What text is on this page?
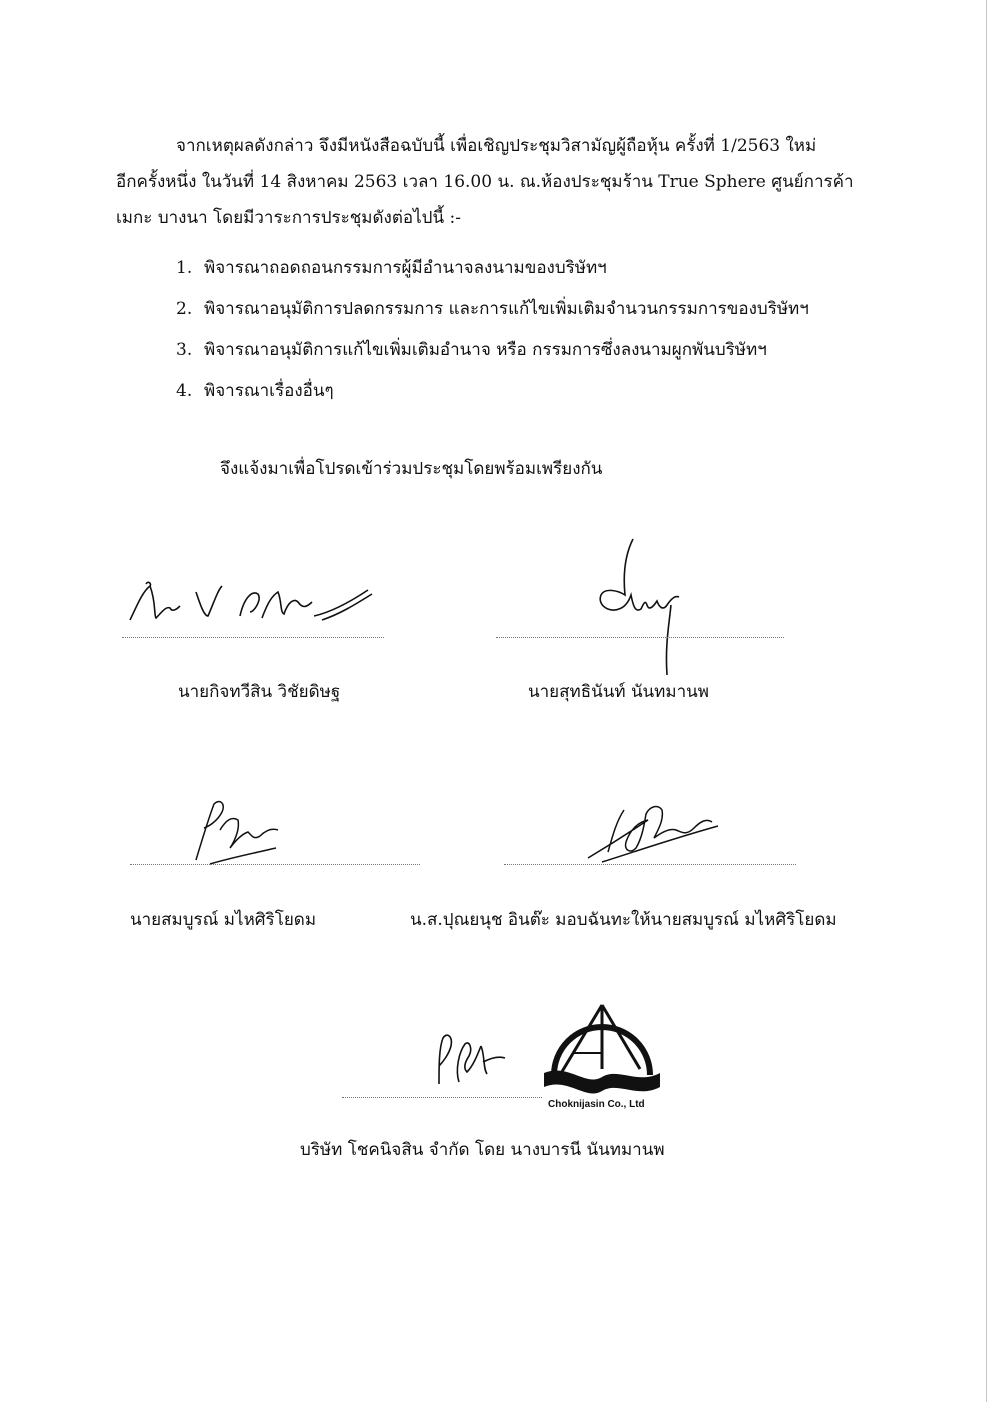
จากเหตุผลดังกล่าว จึงมีหนังสือฉบับนี้ เพื่อเชิญประชุมวิสามัญผู้ถือหุ้น ครั้งที่ 1/2563 ใหม่
อีกครั้งหนึ่ง ในวันที่ 14 สิงหาคม 2563 เวลา 16.00 น. ณ.ห้องประชุมร้าน True Sphere ศูนย์การค้า
เมกะ บางนา โดยมีวาระการประชุมดังต่อไปนี้ :-
1. พิจารณาถอดถอนกรรมการผู้มีอำนาจลงนามของบริษัทฯ
2. พิจารณาอนุมัติการปลดกรรมการ และการแก้ไขเพิ่มเติมจำนวนกรรมการของบริษัทฯ
3. พิจารณาอนุมัติการแก้ไขเพิ่มเติมอำนาจ หรือ กรรมการซึ่งลงนามผูกพันบริษัทฯ
4. พิจารณาเรื่องอื่นๆ
จึงแจ้งมาเพื่อโปรดเข้าร่วมประชุมโดยพร้อมเพรียงกัน
นายกิจทวีสิน วิชัยดิษฐ	นายสุทธินันท์ นันทมานพ
นายสมบูรณ์ มไหศิริโยดม	น.ส.ปุณยนุช อินต๊ะ มอบฉันทะให้นายสมบูรณ์ มไหศิริโยดม
Choknijasin Co., Ltd
บริษัท โชคนิจสิน จำกัด โดย นางบารนี นันทมานพ
